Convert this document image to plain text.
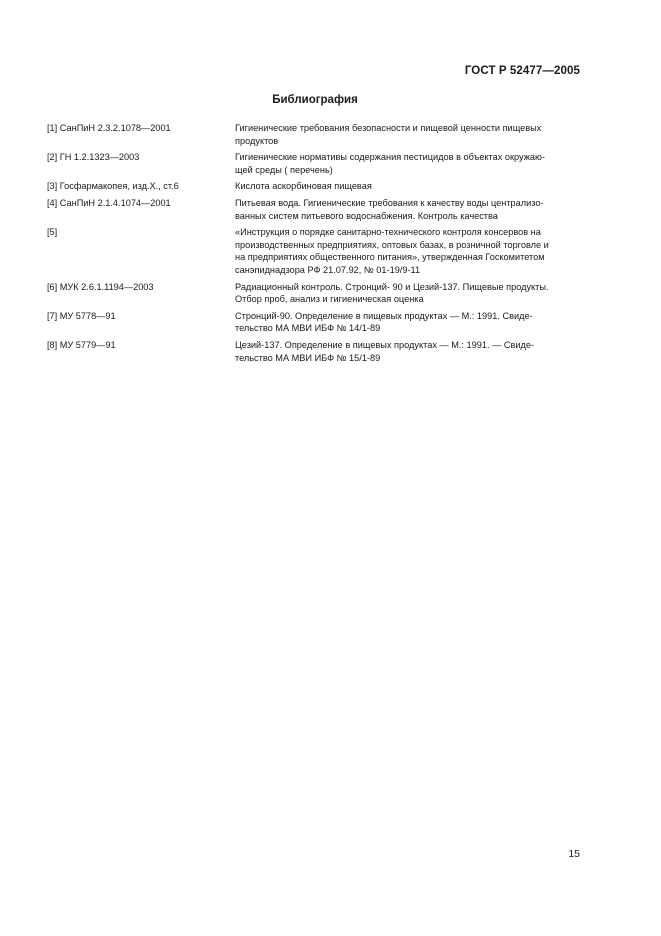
ГОСТ Р 52477—2005
Библиография
[1] СанПиН 2.3.2.1078—2001	Гигиенические требования безопасности и пищевой ценности пищевых
продуктов
[2] ГН 1.2.1323—2003	Гигиенические нормативы содержания пестицидов в объектах окружаю-
щей среды ( перечень)
[3] Госфармакопея, изд.Х., ст.6	Кислота аскорбиновая пищевая
[4] СанПиН 2.1.4.1074—2001	Питьевая вода. Гигиенические требования к качеству воды централизо-
ванных систем питьевого водоснабжения. Контроль качества
[5]	«Инструкция о порядке санитарно-технического контроля консервов на
производственных предприятиях, оптовых базах, в розничной торговле и
на предприятиях общественного питания», утвержденная Госкомитетом
санэпиднадзора РФ 21.07.92, № 01-19/9-11
[6] МУК 2.6.1.1194—2003	Радиационный контроль. Стронций- 90 и Цезий-137. Пищевые продукты.
Отбор проб, анализ и гигиеническая оценка
[7] МУ 5778—91	Стронций-90. Определение в пищевых продуктах — М.: 1991. Свиде-
тельство МА МВИ ИБФ № 14/1-89
[8] МУ 5779—91	Цезий-137. Определение в пищевых продуктах — М.: 1991. — Свиде-
тельство МА МВИ ИБФ № 15/1-89
15
